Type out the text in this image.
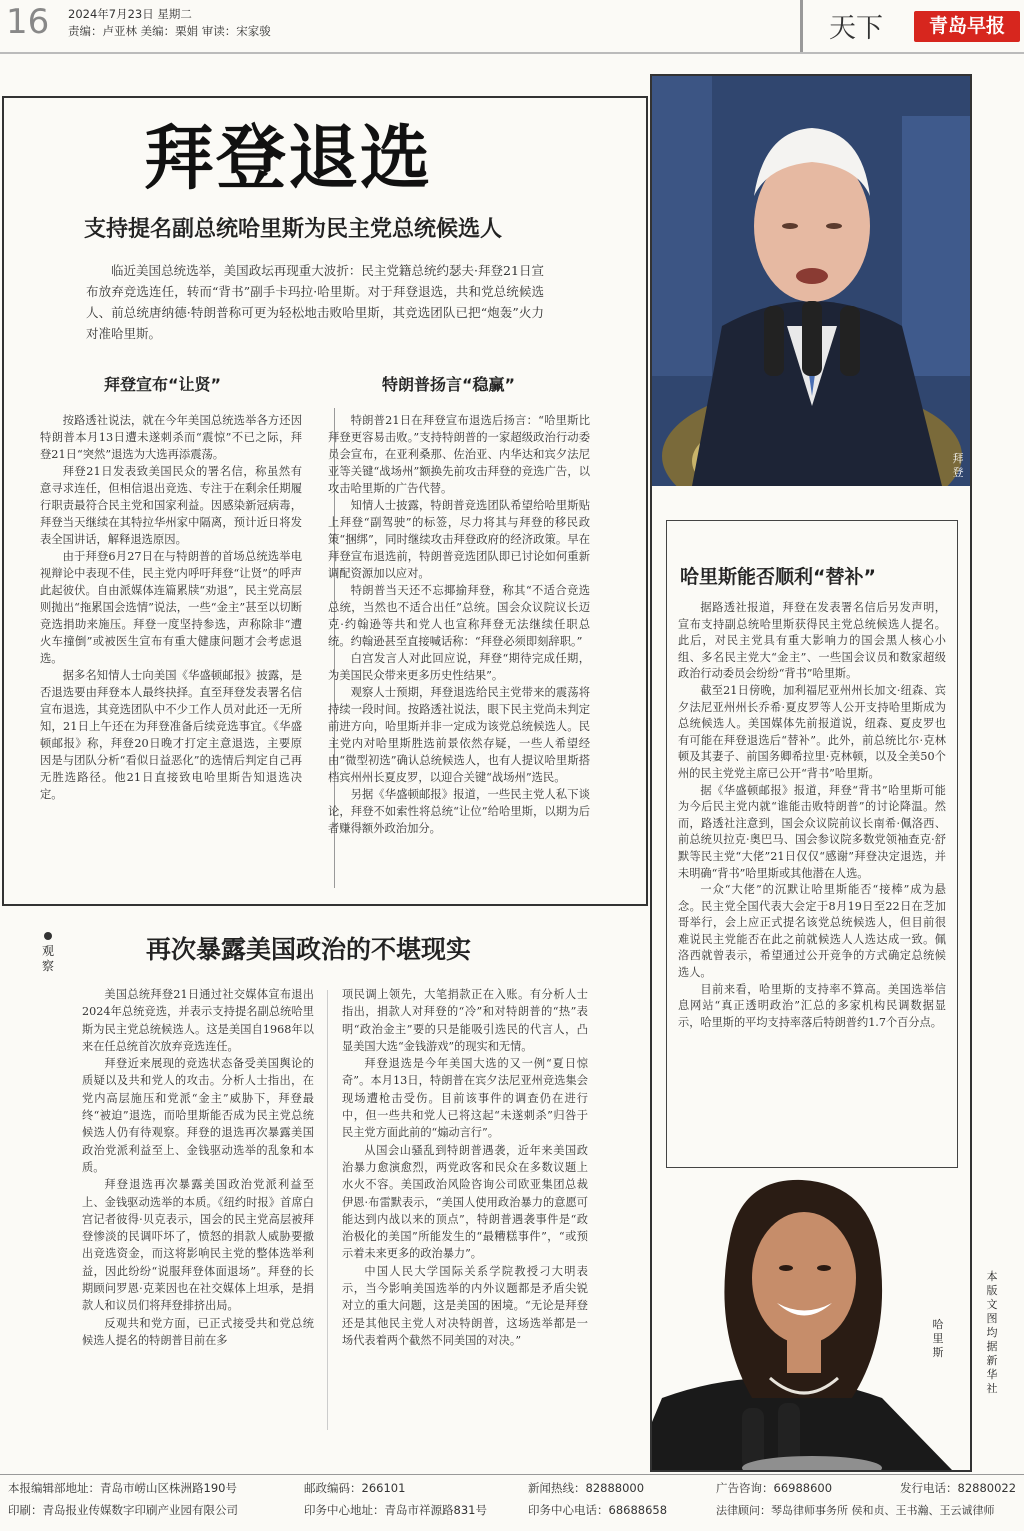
16 2024年7月23日 星期二
责编：卢亚林 美编：栗娟 审读：宋家骏	天下	青岛早报
拜登退选
支持提名副总统哈里斯为民主党总统候选人
临近美国总统选举，美国政坛再现重大波折：民主党籍总统约瑟夫·拜登21日宣布放弃竞选连任，转而“背书”副手卡玛拉·哈里斯。对于拜登退选，共和党总统候选人、前总统唐纳德·特朗普称可更为轻松地击败哈里斯，其竞选团队已把“炮轰”火力对准哈里斯。
拜登宣布“让贤”	特朗普扬言“稳赢”

按路透社说法，就在今年美国总统选举各方还因特朗普本月13日遭未遂刺杀而“震惊”不已之际，拜登21日“突然”退选为大选再添震荡。

拜登21日发表致美国民众的署名信，称虽然有意寻求连任，但相信退出竞选、专注于在剩余任期履行职责最符合民主党和国家利益。因感染新冠病毒，拜登当天继续在其特拉华州家中隔离，预计近日将发表全国讲话，解释退选原因。

由于拜登6月27日在与特朗普的首场总统选举电视辩论中表现不佳，民主党内呼吁拜登“让贤”的呼声此起彼伏。自由派媒体连篇累牍“劝退”，民主党高层则抛出“拖累国会选情”说法，一些“金主”甚至以切断竞选捐助来施压。拜登一度坚持参选，声称除非“遭火车撞倒”或被医生宣布有重大健康问题才会考虑退选。

据多名知情人士向美国《华盛顿邮报》披露，是否退选要由拜登本人最终抉择。直至拜登发表署名信宣布退选，其竞选团队中不少工作人员对此还一无所知，21日上午还在为拜登准备后续竞选事宜。《华盛顿邮报》称，拜登20日晚才打定主意退选，主要原因是与团队分析“看似日益恶化”的选情后判定自己再无胜选路径。他21日直接致电哈里斯告知退选决定。

特朗普21日在拜登宣布退选后扬言：“哈里斯比拜登更容易击败。”支持特朗普的一家超级政治行动委员会宣布，在亚利桑那、佐治亚、内华达和宾夕法尼亚等关键“战场州”额换先前攻击拜登的竞选广告，以攻击哈里斯的广告代替。

知情人士披露，特朗普竞选团队希望给哈里斯贴上拜登“副驾驶”的标签，尽力将其与拜登的移民政策“捆绑”，同时继续攻击拜登政府的经济政策。早在拜登宣布退选前，特朗普竞选团队即已讨论如何重新调配资源加以应对。

特朗普当天还不忘揶揄拜登，称其“不适合竞选总统，当然也不适合出任”总统。国会众议院议长迈克·约翰逊等共和党人也宣称拜登无法继续任职总统。约翰逊甚至直接喊话称：“拜登必须即刻辞职。”

白宫发言人对此回应说，拜登“期待完成任期，为美国民众带来更多历史性结果”。

观察人士预期，拜登退选给民主党带来的震荡将持续一段时间。按路透社说法，眼下民主党尚未判定前进方向，哈里斯并非一定成为该党总统候选人。民主党内对哈里斯胜选前景依然存疑，一些人希望经由“微型初选”确认总统候选人，也有人提议哈里斯搭档宾州州长夏皮罗，以迎合关键“战场州”选民。

另据《华盛顿邮报》报道，一些民主党人私下谈论，拜登不如索性将总统“让位”给哈里斯，以期为后者赚得额外政治加分。

观察
再次暴露美国政治的不堪现实

美国总统拜登21日通过社交媒体宣布退出2024年总统竞选，并表示支持提名副总统哈里斯为民主党总统候选人。这是美国自1968年以来在任总统首次放弃竞选连任。

拜登近来展现的竞选状态备受美国舆论的质疑以及共和党人的攻击。分析人士指出，在党内高层施压和党派“金主”威胁下，拜登最终“被迫”退选，而哈里斯能否成为民主党总统候选人仍有待观察。拜登的退选再次暴露美国政治党派利益至上、金钱驱动选举的乱象和本质。

拜登退选再次暴露美国政治党派利益至上、金钱驱动选举的本质。《纽约时报》首席白宫记者彼得·贝克表示，国会的民主党高层被拜登惨淡的民调吓坏了，愤怒的捐款人威胁要撤出竞选资金，而这将影响民主党的整体选举利益，因此纷纷“说服拜登体面退场”。拜登的长期顾问罗恩·克莱因也在社交媒体上坦承，是捐款人和议员们将拜登排挤出局。

反观共和党方面，已正式接受共和党总统候选人提名的特朗普目前在多

项民调上领先，大笔捐款正在入账。有分析人士指出，捐款人对拜登的“冷”和对特朗普的“热”表明“政治金主”要的只是能吸引选民的代言人，凸显美国大选“金钱游戏”的现实和无情。

拜登退选是今年美国大选的又一例“夏日惊奇”。本月13日，特朗普在宾夕法尼亚州竞选集会现场遭枪击受伤。目前该事件的调查仍在进行中，但一些共和党人已将这起“未遂刺杀”归咎于民主党方面此前的“煽动言行”。

从国会山骚乱到特朗普遇袭，近年来美国政治暴力愈演愈烈，两党政客和民众在多数议题上水火不容。美国政治风险咨询公司欧亚集团总裁伊恩·布雷默表示，“美国人使用政治暴力的意愿可能达到内战以来的顶点”，特朗普遇袭事件是“政治极化的美国”所能发生的“最糟糕事件”，“或预示着未来更多的政治暴力”。

中国人民大学国际关系学院教授刁大明表示，当今影响美国选举的内外议题都是矛盾尖锐对立的重大问题，这是美国的困境。“无论是拜登还是其他民主党人对决特朗普，这场选举都是一场代表着两个截然不同美国的对决。”

拜登
哈里斯能否顺利“替补”

据路透社报道，拜登在发表署名信后另发声明，宣布支持副总统哈里斯获得民主党总统候选人提名。此后，对民主党具有重大影响力的国会黑人核心小组、多名民主党大“金主”、一些国会议员和数家超级政治行动委员会纷纷“背书”哈里斯。

截至21日傍晚，加利福尼亚州州长加文·纽森、宾夕法尼亚州州长乔希·夏皮罗等人公开支持哈里斯成为总统候选人。美国媒体先前报道说，纽森、夏皮罗也有可能在拜登退选后“替补”。此外，前总统比尔·克林顿及其妻子、前国务卿希拉里·克林顿，以及全美50个州的民主党党主席已公开“背书”哈里斯。

据《华盛顿邮报》报道，拜登“背书”哈里斯可能为今后民主党内就“谁能击败特朗普”的讨论降温。然而，路透社注意到，国会众议院前议长南希·佩洛西、前总统贝拉克·奥巴马、国会参议院多数党领袖查克·舒默等民主党“大佬”21日仅仅“感谢”拜登决定退选，并未明确“背书”哈里斯或其他潜在人选。

一众“大佬”的沉默让哈里斯能否“接棒”成为悬念。民主党全国代表大会定于8月19日至22日在芝加哥举行，会上应正式提名该党总统候选人，但目前很难说民主党能否在此之前就候选人人选达成一致。佩洛西就曾表示，希望通过公开竞争的方式确定总统候选人。

目前来看，哈里斯的支持率不算高。美国选举信息网站“真正透明政治”汇总的多家机构民调数据显示，哈里斯的平均支持率落后特朗普约1.7个百分点。

哈里斯
本版文图均据新华社
本报编辑部地址：青岛市崂山区株洲路190号	邮政编码：266101	新闻热线：82888000	广告咨询：66988600	发行电话：82880022
印刷：青岛报业传媒数字印刷产业园有限公司	印务中心地址：青岛市祥源路831号	印务中心电话：68688658	法律顾问：琴岛律师事务所 侯和贞、王书瀚、王云诚律师
